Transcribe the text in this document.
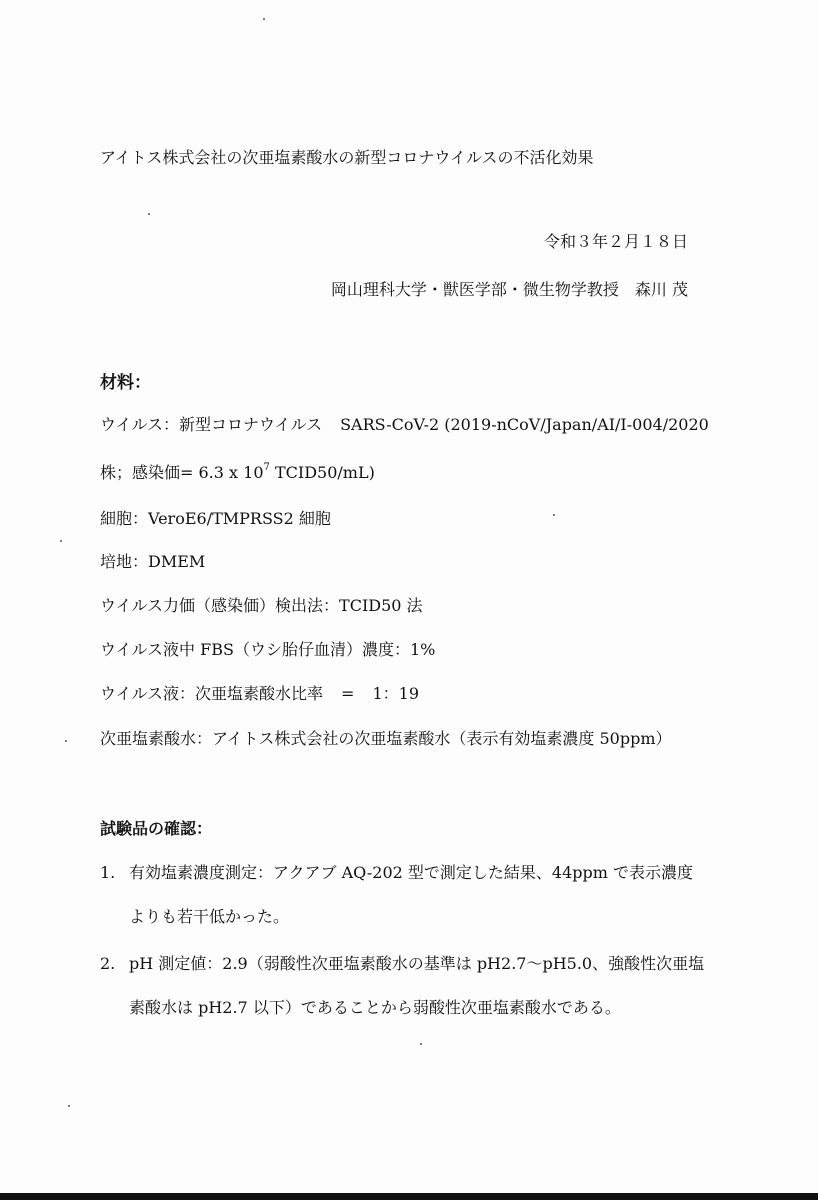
アイトス株式会社の次亜塩素酸水の新型コロナウイルスの不活化効果
令和３年２月１８日
岡山理科大学・獣医学部・微生物学教授　森川 茂
材料：
ウイルス：新型コロナウイルス SARS-CoV-2 (2019-nCoV/Japan/AI/I-004/2020
株；感染価= 6.3 x $10^7$ TCID50/mL)
細胞：VeroE6/TMPRSS2 細胞
培地：DMEM
ウイルス力価（感染価）検出法：TCID50 法
ウイルス液中 FBS（ウシ胎仔血清）濃度：1%
ウイルス液：次亜塩素酸水比率 = 1：19
次亜塩素酸水：アイトス株式会社の次亜塩素酸水（表示有効塩素濃度 50ppm）
試験品の確認：
1. 有効塩素濃度測定：アクアブ AQ-202 型で測定した結果、44ppm で表示濃度
よりも若干低かった。
2. pH 測定値：2.9（弱酸性次亜塩素酸水の基準は pH2.7～pH5.0、強酸性次亜塩
素酸水は pH2.7 以下）であることから弱酸性次亜塩素酸水である。
